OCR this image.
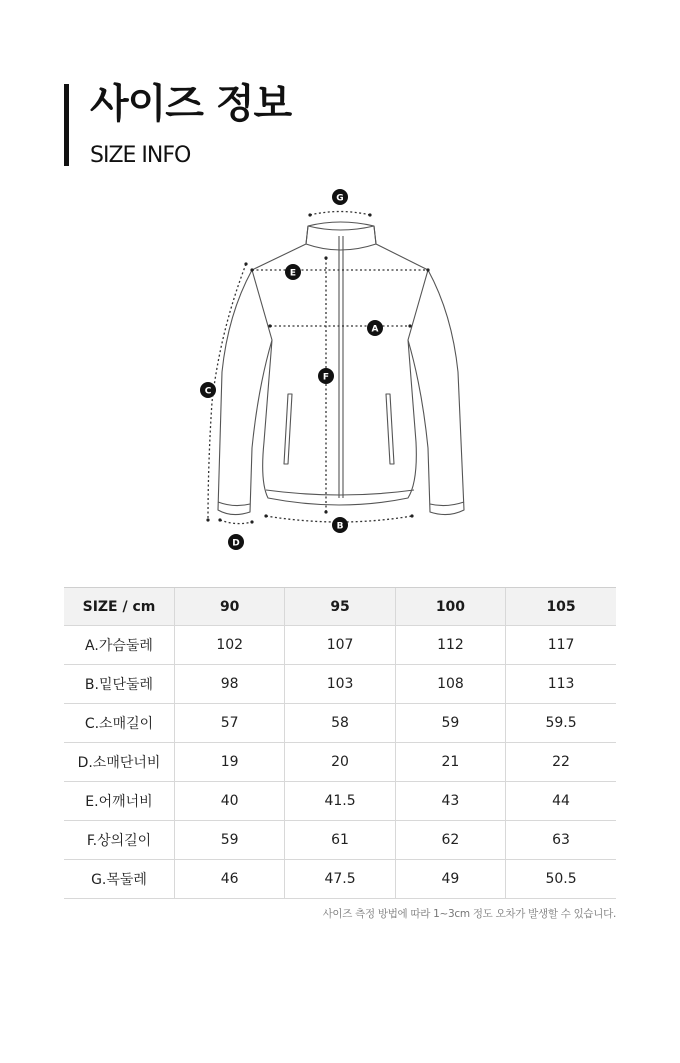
사이즈 정보
SIZE INFO
G
E
A
F
C
B
D
SIZE / cm	90	95	100	105
A.가슴둘레	102	107	112	117
B.밑단둘레	98	103	108	113
C.소매길이	57	58	59	59.5
D.소매단너비	19	20	21	22
E.어깨너비	40	41.5	43	44
F.상의길이	59	61	62	63
G.목둘레	46	47.5	49	50.5
사이즈 측정 방법에 따라 1~3cm 정도 오차가 발생할 수 있습니다.
